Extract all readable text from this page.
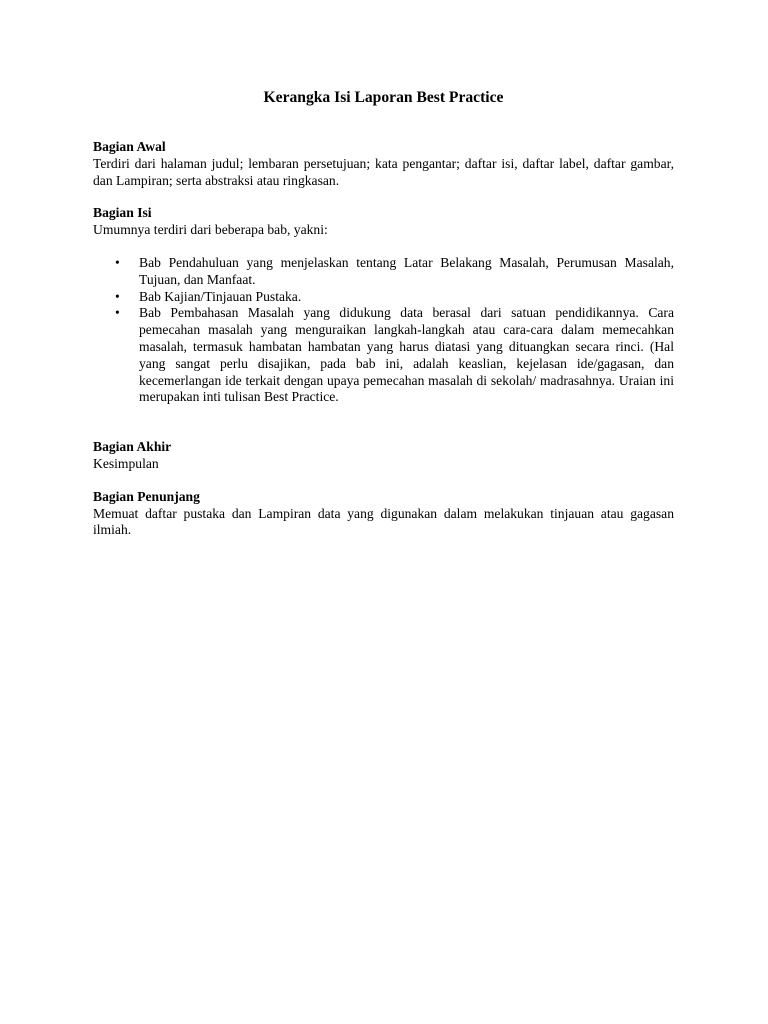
Kerangka Isi Laporan Best Practice
Bagian Awal
Terdiri dari halaman judul; lembaran persetujuan; kata pengantar; daftar isi, daftar label, daftar gambar, dan Lampiran; serta abstraksi atau ringkasan.
Bagian Isi
Umumnya terdiri dari beberapa bab, yakni:
• Bab Pendahuluan yang menjelaskan tentang Latar Belakang Masalah, Perumusan Masalah, Tujuan, dan Manfaat.
• Bab Kajian/Tinjauan Pustaka.
• Bab Pembahasan Masalah yang didukung data berasal dari satuan pendidikannya. Cara pemecahan masalah yang menguraikan langkah-langkah atau cara-cara dalam memecahkan masalah, termasuk hambatan hambatan yang harus diatasi yang dituangkan secara rinci. (Hal yang sangat perlu disajikan, pada bab ini, adalah keaslian, kejelasan ide/gagasan, dan kecemerlangan ide terkait dengan upaya pemecahan masalah di sekolah/ madrasahnya. Uraian ini merupakan inti tulisan Best Practice.
Bagian Akhir
Kesimpulan
Bagian Penunjang
Memuat daftar pustaka dan Lampiran data yang digunakan dalam melakukan tinjauan atau gagasan ilmiah.
